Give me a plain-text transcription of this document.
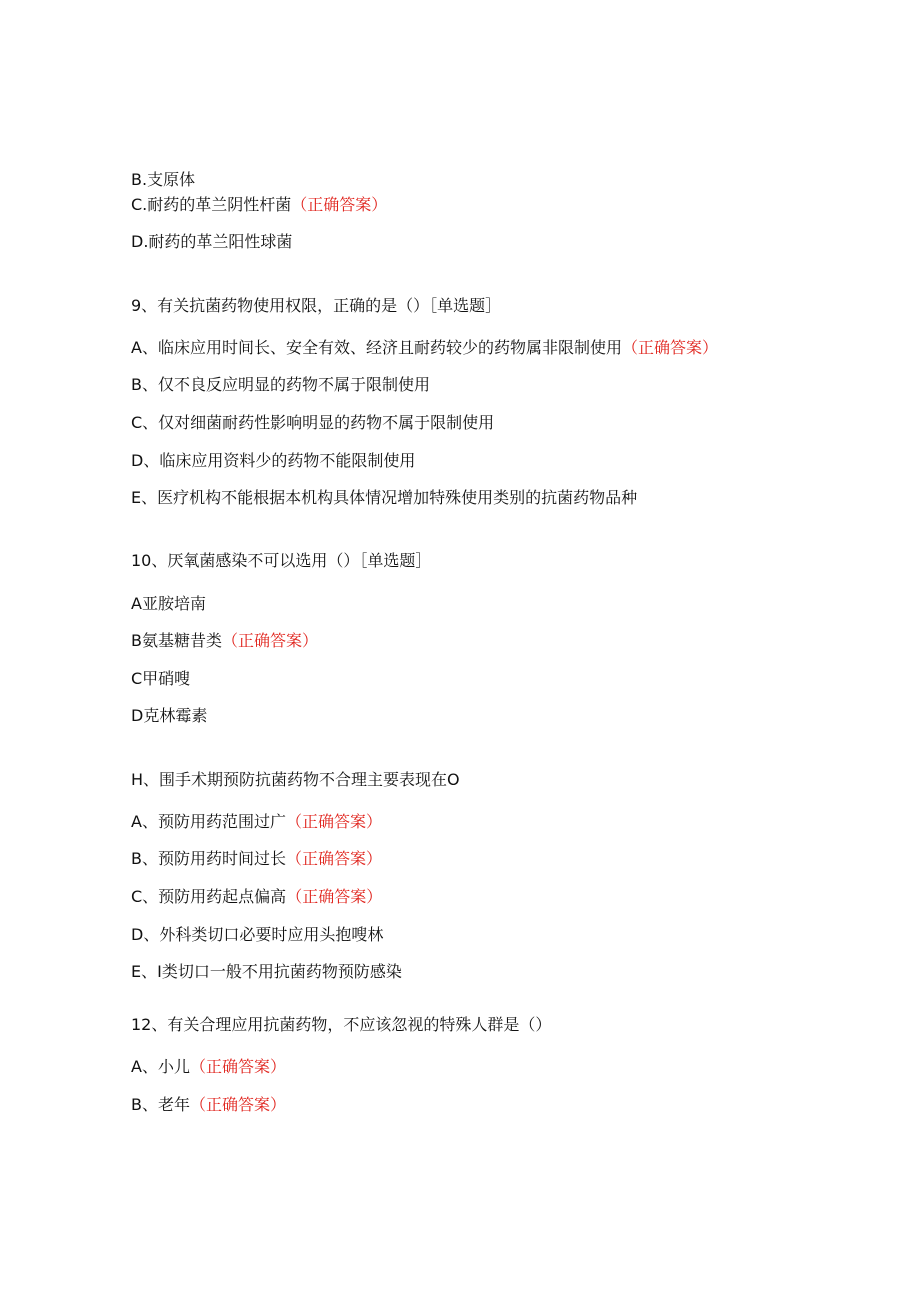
B.支原体
C.耐药的革兰阴性杆菌（正确答案）
D.耐药的革兰阳性球菌
9、有关抗菌药物使用权限，正确的是（）［单选题］
A、临床应用时间长、安全有效、经济且耐药较少的药物属非限制使用（正确答案）
B、仅不良反应明显的药物不属于限制使用
C、仅对细菌耐药性影响明显的药物不属于限制使用
D、临床应用资料少的药物不能限制使用
E、医疗机构不能根据本机构具体情况增加特殊使用类别的抗菌药物品种
10、厌氧菌感染不可以选用（）［单选题］
A亚胺培南
B氨基糖昔类（正确答案）
C甲硝嗖
D克林霉素
H、围手术期预防抗菌药物不合理主要表现在O
A、预防用药范围过广（正确答案）
B、预防用药时间过长（正确答案）
C、预防用药起点偏高（正确答案）
D、外科类切口必要时应用头抱嗖林
E、I类切口一般不用抗菌药物预防感染
12、有关合理应用抗菌药物，不应该忽视的特殊人群是（）
A、小儿（正确答案）
B、老年（正确答案）
